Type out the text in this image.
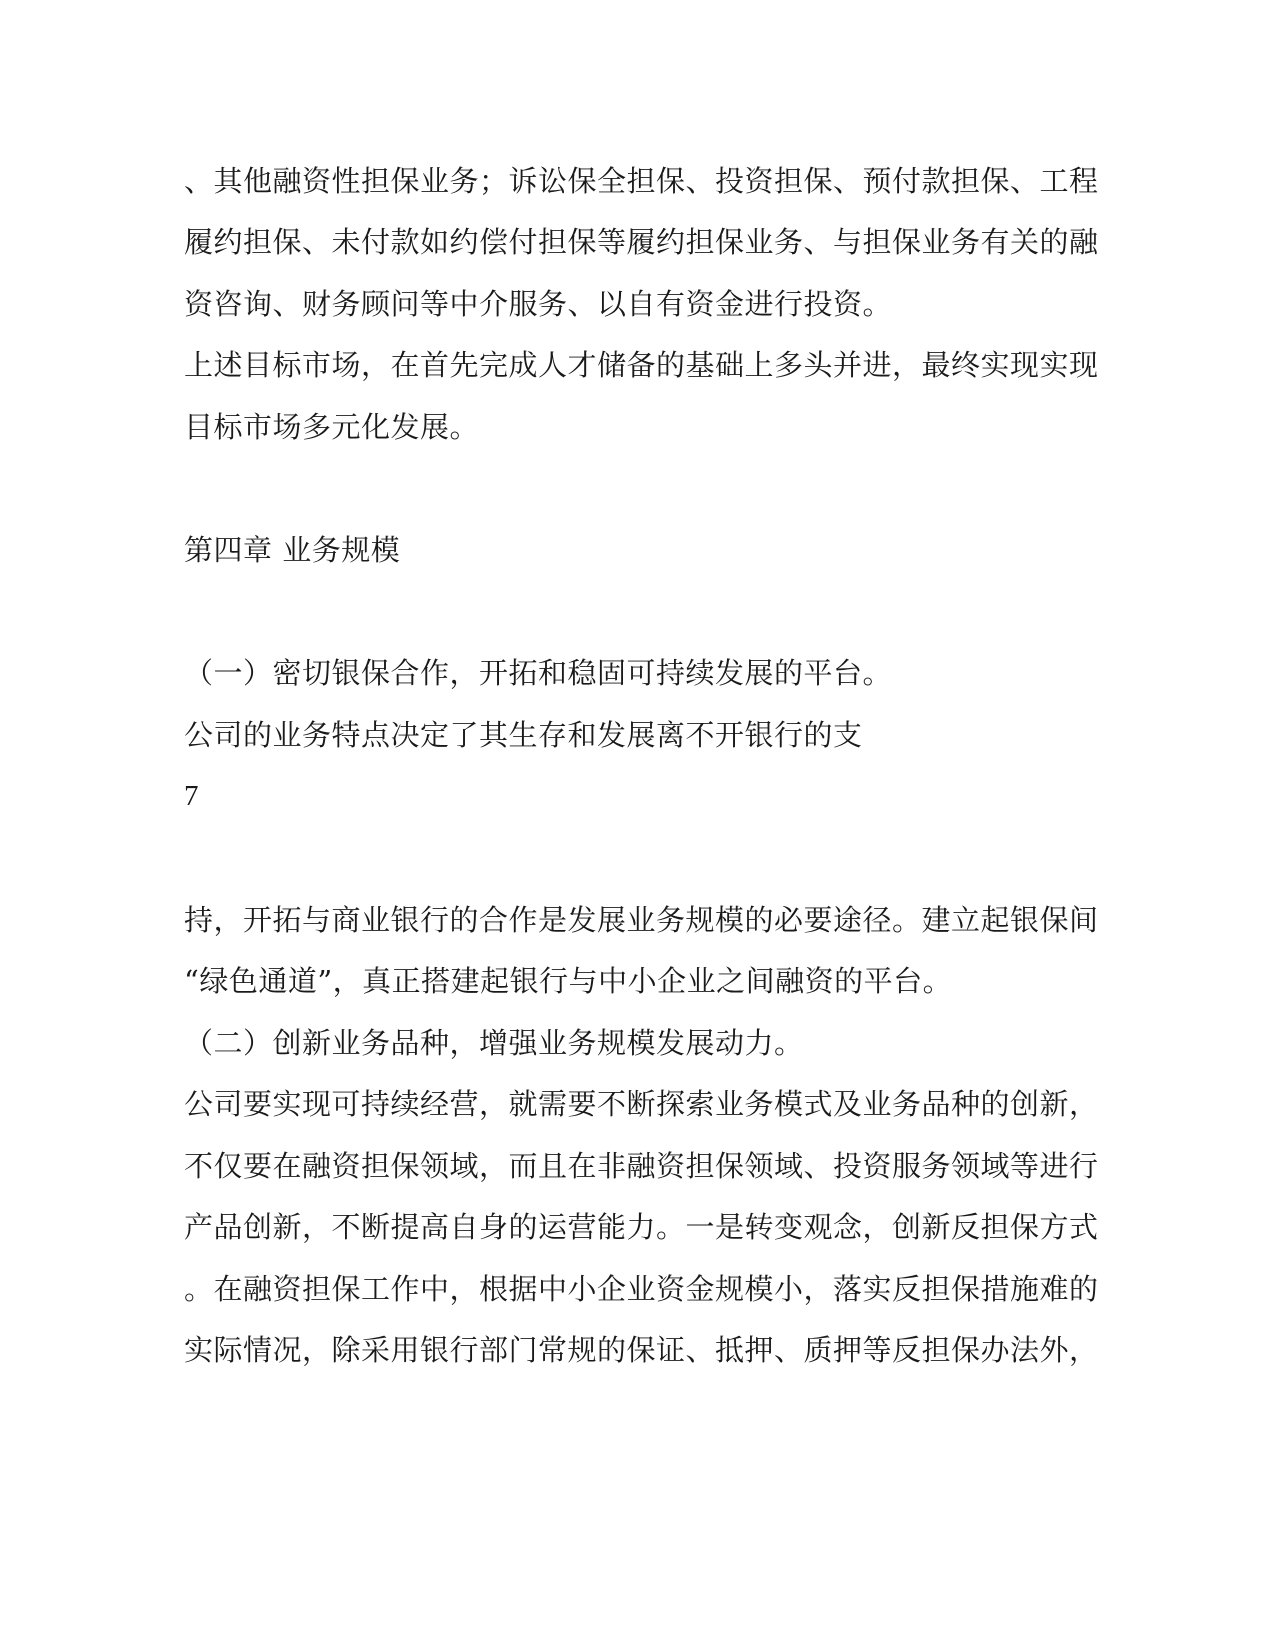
、其他融资性担保业务；诉讼保全担保、投资担保、预付款担保、工程
履约担保、未付款如约偿付担保等履约担保业务、与担保业务有关的融
资咨询、财务顾问等中介服务、以自有资金进行投资。
上述目标市场，在首先完成人才储备的基础上多头并进，最终实现实现
目标市场多元化发展。
第四章 业务规模
（一）密切银保合作，开拓和稳固可持续发展的平台。
公司的业务特点决定了其生存和发展离不开银行的支
7
持，开拓与商业银行的合作是发展业务规模的必要途径。建立起银保间
“绿色通道”，真正搭建起银行与中小企业之间融资的平台。
（二）创新业务品种，增强业务规模发展动力。
公司要实现可持续经营，就需要不断探索业务模式及业务品种的创新，
不仅要在融资担保领域，而且在非融资担保领域、投资服务领域等进行
产品创新，不断提高自身的运营能力。一是转变观念，创新反担保方式
。在融资担保工作中，根据中小企业资金规模小，落实反担保措施难的
实际情况，除采用银行部门常规的保证、抵押、质押等反担保办法外，
